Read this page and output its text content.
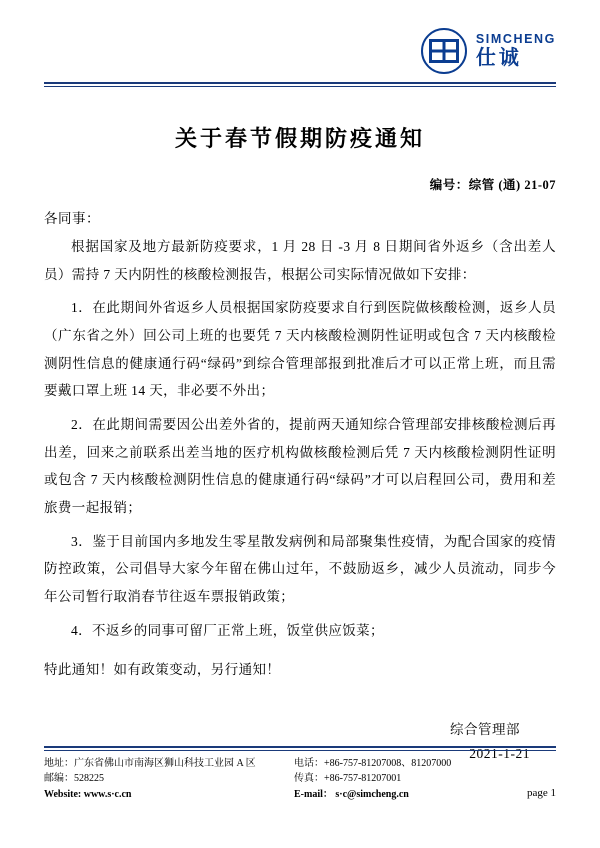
SIMCHENG
仕诚
关于春节假期防疫通知
编号：综管 (通) 21-07
各同事：
根据国家及地方最新防疫要求，1 月 28 日 -3 月 8 日期间省外返乡（含出差人员）需持 7 天内阴性的核酸检测报告，根据公司实际情况做如下安排：
1．在此期间外省返乡人员根据国家防疫要求自行到医院做核酸检测，返乡人员（广东省之外）回公司上班的也要凭 7 天内核酸检测阴性证明或包含 7 天内核酸检测阴性信息的健康通行码“绿码”到综合管理部报到批准后才可以正常上班，而且需要戴口罩上班 14 天，非必要不外出；
2．在此期间需要因公出差外省的，提前两天通知综合管理部安排核酸检测后再出差，回来之前联系出差当地的医疗机构做核酸检测后凭 7 天内核酸检测阴性证明或包含 7 天内核酸检测阴性信息的健康通行码“绿码”才可以启程回公司，费用和差旅费一起报销；
3．鉴于目前国内多地发生零星散发病例和局部聚集性疫情，为配合国家的疫情防控政策，公司倡导大家今年留在佛山过年，不鼓励返乡，减少人员流动，同步今年公司暂行取消春节往返车票报销政策；
4．不返乡的同事可留厂正常上班，饭堂供应饭菜；
特此通知！如有政策变动，另行通知！
综合管理部
2021-1-21
地址：广东省佛山市南海区狮山科技工业园 A 区
邮编：528225
Website: www.s·c.cn
电话：+86-757-81207008、81207000
传真：+86-757-81207001
E-mail： s·c@simcheng.cn	page 1
